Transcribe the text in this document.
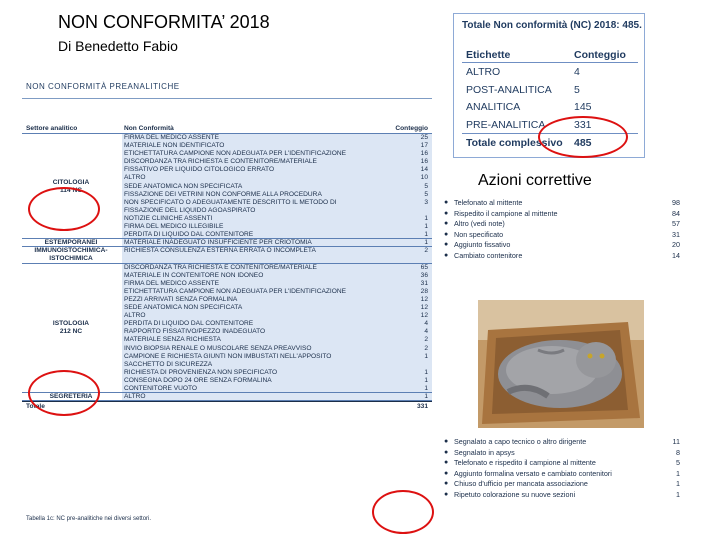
NON CONFORMITA’ 2018
Di Benedetto Fabio
NON CONFORMITÀ PREANALITICHE
Settore analitico	Non Conformità	Conteggio
CITOLOGIA
114 NC
FIRMA DEL MEDICO ASSENTE	25
MATERIALE NON IDENTIFICATO	17
ETICHETTATURA CAMPIONE NON ADEGUATA PER L'IDENTIFICAZIONE	16
DISCORDANZA TRA RICHIESTA E CONTENITORE/MATERIALE	16
FISSATIVO PER LIQUIDO CITOLOGICO ERRATO	14
ALTRO	10
SEDE ANATOMICA NON SPECIFICATA	5
FISSAZIONE DEI VETRINI NON CONFORME ALLA PROCEDURA	5
NON SPECIFICATO O ADEGUATAMENTE DESCRITTO IL METODO DI	3
FISSAZIONE DEL LIQUIDO AGOASPIRATO
NOTIZIE CLINICHE ASSENTI	1
FIRMA DEL MEDICO ILLEGIBILE	1
PERDITA DI LIQUIDO DAL CONTENITORE	1
ESTEMPORANEI	MATERIALE INADEGUATO INSUFFICIENTE PER CRIOTOMIA	1
IMMUNOISTOCHIMICA-
ISTOCHIMICA
RICHIESTA CONSULENZA ESTERNA ERRATA O INCOMPLETA	2
ISTOLOGIA
212 NC
DISCORDANZA TRA RICHIESTA E CONTENITORE/MATERIALE	65
MATERIALE IN CONTENITORE NON IDONEO	36
FIRMA DEL MEDICO ASSENTE	31
ETICHETTATURA CAMPIONE NON ADEGUATA PER L'IDENTIFICAZIONE	28
PEZZI ARRIVATI SENZA FORMALINA	12
SEDE ANATOMICA NON SPECIFICATA	12
ALTRO	12
PERDITA DI LIQUIDO DAL CONTENITORE	4
RAPPORTO FISSATIVO/PEZZO INADEGUATO	4
MATERIALE SENZA RICHIESTA	2
INVIO BIOPSIA RENALE O MUSCOLARE SENZA PREAVVISO	2
CAMPIONE E RICHIESTA GIUNTI NON IMBUSTATI NELL'APPOSITO	1
SACCHETTO DI SICUREZZA
RICHIESTA DI PROVENIENZA NON SPECIFICATO	1
CONSEGNA DOPO 24 ORE SENZA FORMALINA	1
CONTENITORE VUOTO	1
SEGRETERIA	ALTRO	1
Totale	331
Tabella 1c: NC pre-analitiche nei diversi settori.
Totale Non conformità (NC) 2018: 485.
Etichette	Conteggio
ALTRO	4
POST-ANALITICA 5
ANALITICA	145
PRE-ANALITICA	331
Totale complessivo 485
Azioni correttive
● Telefonato al mittente	98
● Rispedito il campione al mittente	84
● Altro (vedi note)	57
● Non specificato	31
● Aggiunto fissativo	20
● Cambiato contenitore	14
● Segnalato a capo tecnico o altro dirigente	11
● Segnalato in apsys	8
● Telefonato e rispedito il campione al mittente	5
● Aggiunto formalina versato e cambiato contenitori	1
● Chiuso d'ufficio per mancata associazione	1
● Ripetuto colorazione su nuove sezioni	1
